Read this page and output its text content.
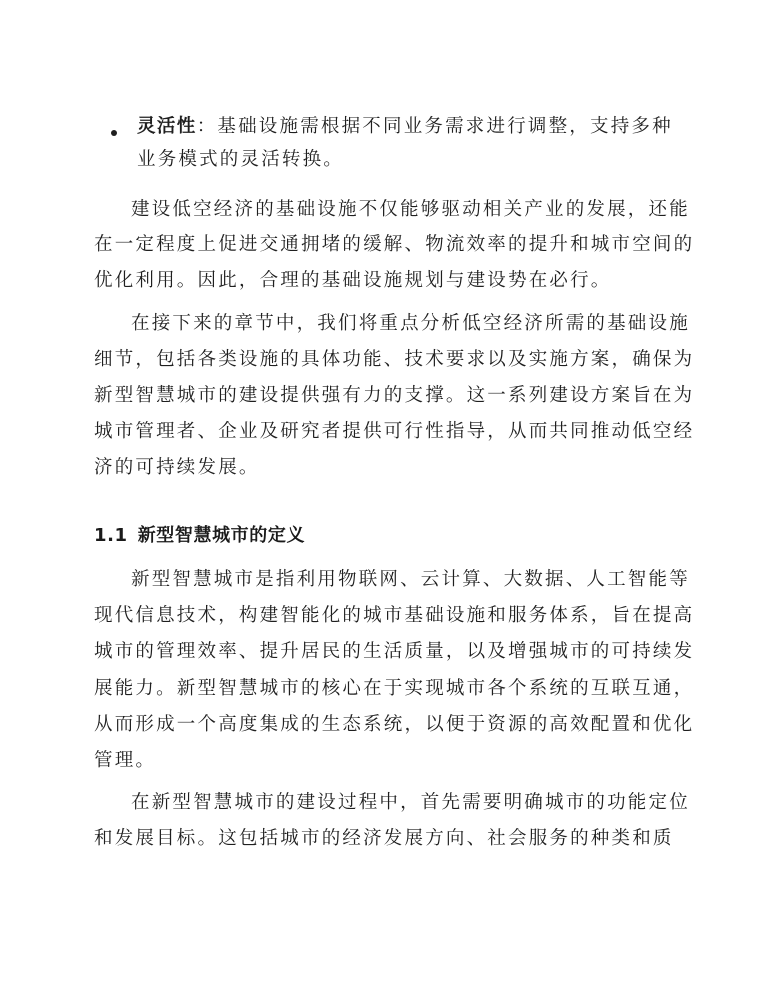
灵活性：基础设施需根据不同业务需求进行调整，支持多种
业务模式的灵活转换。
建设低空经济的基础设施不仅能够驱动相关产业的发展，还能
在一定程度上促进交通拥堵的缓解、物流效率的提升和城市空间的
优化利用。因此，合理的基础设施规划与建设势在必行。
在接下来的章节中，我们将重点分析低空经济所需的基础设施
细节，包括各类设施的具体功能、技术要求以及实施方案，确保为
新型智慧城市的建设提供强有力的支撑。这一系列建设方案旨在为
城市管理者、企业及研究者提供可行性指导，从而共同推动低空经
济的可持续发展。
1.1 新型智慧城市的定义
新型智慧城市是指利用物联网、云计算、大数据、人工智能等
现代信息技术，构建智能化的城市基础设施和服务体系，旨在提高
城市的管理效率、提升居民的生活质量，以及增强城市的可持续发
展能力。新型智慧城市的核心在于实现城市各个系统的互联互通，
从而形成一个高度集成的生态系统，以便于资源的高效配置和优化
管理。
在新型智慧城市的建设过程中，首先需要明确城市的功能定位
和发展目标。这包括城市的经济发展方向、社会服务的种类和质
